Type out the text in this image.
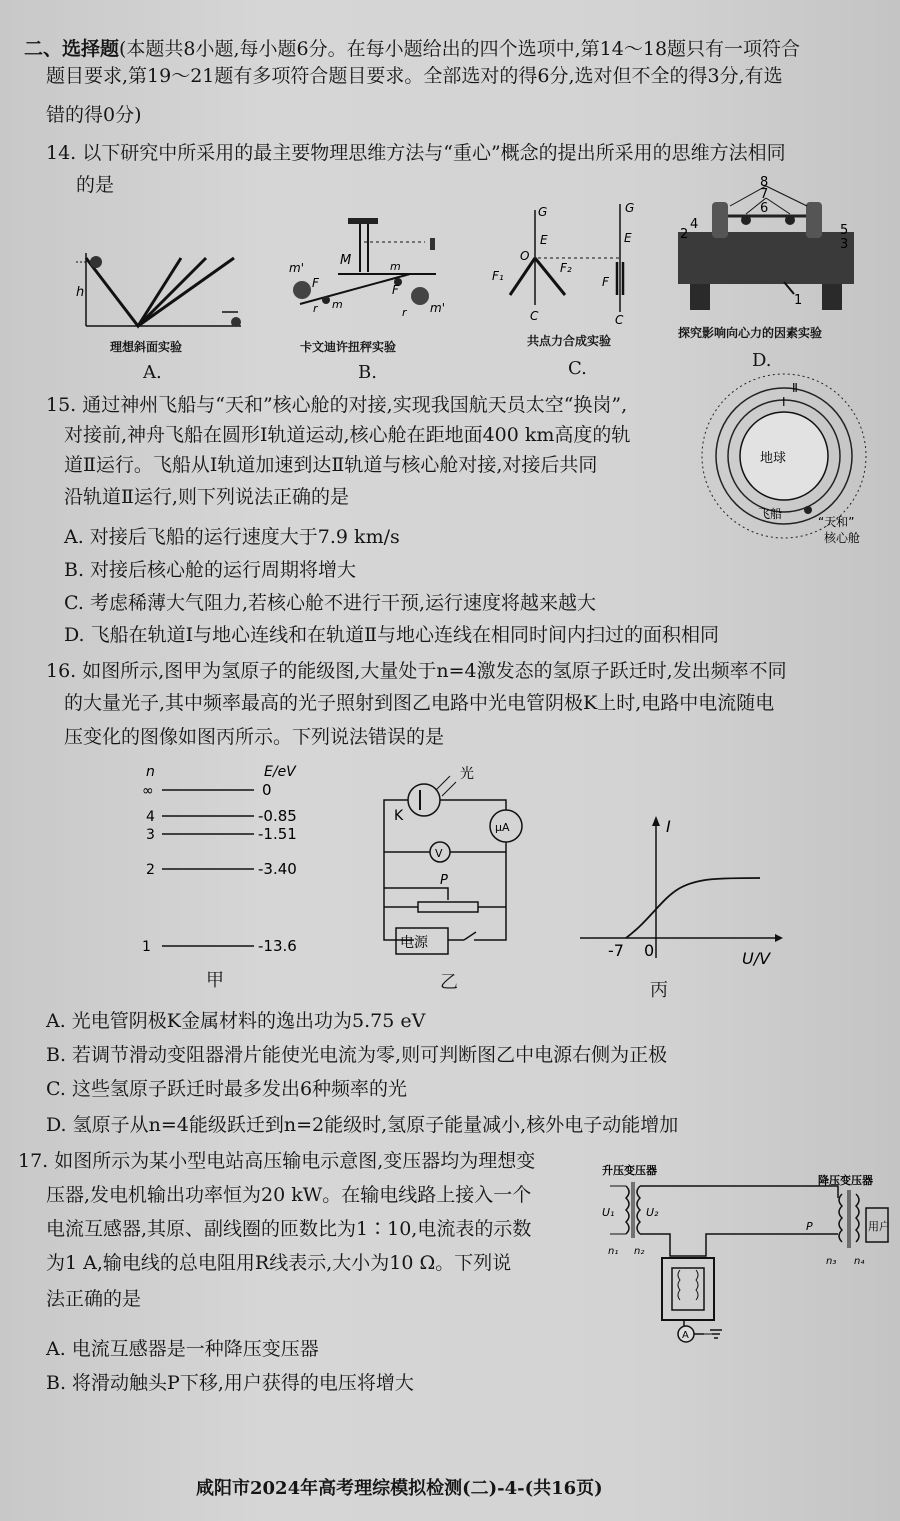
二、选择题(本题共8小题,每小题6分。在每小题给出的四个选项中,第14～18题只有一项符合
题目要求,第19～21题有多项符合题目要求。全部选对的得6分,选对但不全的得3分,有选
错的得0分)
14. 以下研究中所采用的最主要物理思维方法与“重心”概念的提出所采用的思维方法相同
的是
h
理想斜面实验
A.
m'	M
F	F
r	r
m
m
m'
卡文迪许扭秤实验
B.
G	G
E	E
O
F₁
F₂
F
C	C
共点力合成实验
C.
8
7
6
4
2	5
3
1
探究影响向心力的因素实验
D.
15. 通过神州飞船与“天和”核心舱的对接,实现我国航天员太空“换岗”,
对接前,神舟飞船在圆形Ⅰ轨道运动,核心舱在距地面400 km高度的轨
道Ⅱ运行。飞船从Ⅰ轨道加速到达Ⅱ轨道与核心舱对接,对接后共同
沿轨道Ⅱ运行,则下列说法正确的是
A. 对接后飞船的运行速度大于7.9 km/s
B. 对接后核心舱的运行周期将增大
C. 考虑稀薄大气阻力,若核心舱不进行干预,运行速度将越来越大
D. 飞船在轨道Ⅰ与地心连线和在轨道Ⅱ与地心连线在相同时间内扫过的面积相同
地球
Ⅱ
Ⅰ
飞船
“天和”
核心舱
16. 如图所示,图甲为氢原子的能级图,大量处于n=4激发态的氢原子跃迁时,发出频率不同
的大量光子,其中频率最高的光子照射到图乙电路中光电管阴极K上时,电路中电流随电
压变化的图像如图丙所示。下列说法错误的是
n	E/eV
∞	0
4	-0.85
3	-1.51
2	-3.40
1	-13.6
甲
光
K
μA
V
P
电源
乙
I
U/V
-7 0
丙
A. 光电管阴极K金属材料的逸出功为5.75 eV
B. 若调节滑动变阻器滑片能使光电流为零,则可判断图乙中电源右侧为正极
C. 这些氢原子跃迁时最多发出6种频率的光
D. 氢原子从n=4能级跃迁到n=2能级时,氢原子能量减小,核外电子动能增加
17. 如图所示为某小型电站高压输电示意图,变压器均为理想变
压器,发电机输出功率恒为20 kW。在输电线路上接入一个
电流互感器,其原、副线圈的匝数比为1∶10,电流表的示数
为1 A,输电线的总电阻用R线表示,大小为10 Ω。下列说
法正确的是
A. 电流互感器是一种降压变压器
B. 将滑动触头P下移,用户获得的电压将增大
升压变压器
降压变压器
U₁	U₂
P	用户
n₁ n₂
n₃ n₄
A
咸阳市2024年高考理综模拟检测(二)-4-(共16页)
